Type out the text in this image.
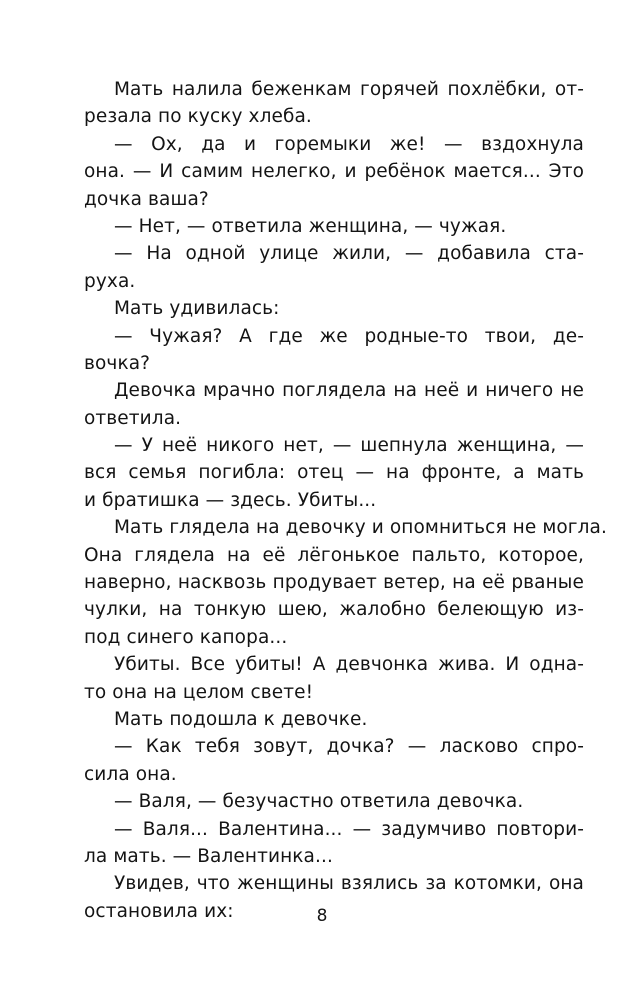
Мать налила беженкам горячей похлёбки, от-
резала по куску хлеба.
— Ох, да и горемыки же! — вздохнула
она. — И самим нелегко, и ребёнок мается... Это
дочка ваша?
— Нет, — ответила женщина, — чужая.
— На одной улице жили, — добавила ста-
руха.
Мать удивилась:
— Чужая? А где же родные-то твои, де-
вочка?
Девочка мрачно поглядела на неё и ничего не
ответила.
— У неё никого нет, — шепнула женщина, —
вся семья погибла: отец — на фронте, а мать
и братишка — здесь. Убиты...
Мать глядела на девочку и опомниться не могла.
Она глядела на её лёгонькое пальто, которое,
наверно, насквозь продувает ветер, на её рваные
чулки, на тонкую шею, жалобно белеющую из-
под синего капора...
Убиты. Все убиты! А девчонка жива. И одна-
то она на целом свете!
Мать подошла к девочке.
— Как тебя зовут, дочка? — ласково спро-
сила она.
— Валя, — безучастно ответила девочка.
— Валя... Валентина... — задумчиво повтори-
ла мать. — Валентинка...
Увидев, что женщины взялись за котомки, она
остановила их:	8
